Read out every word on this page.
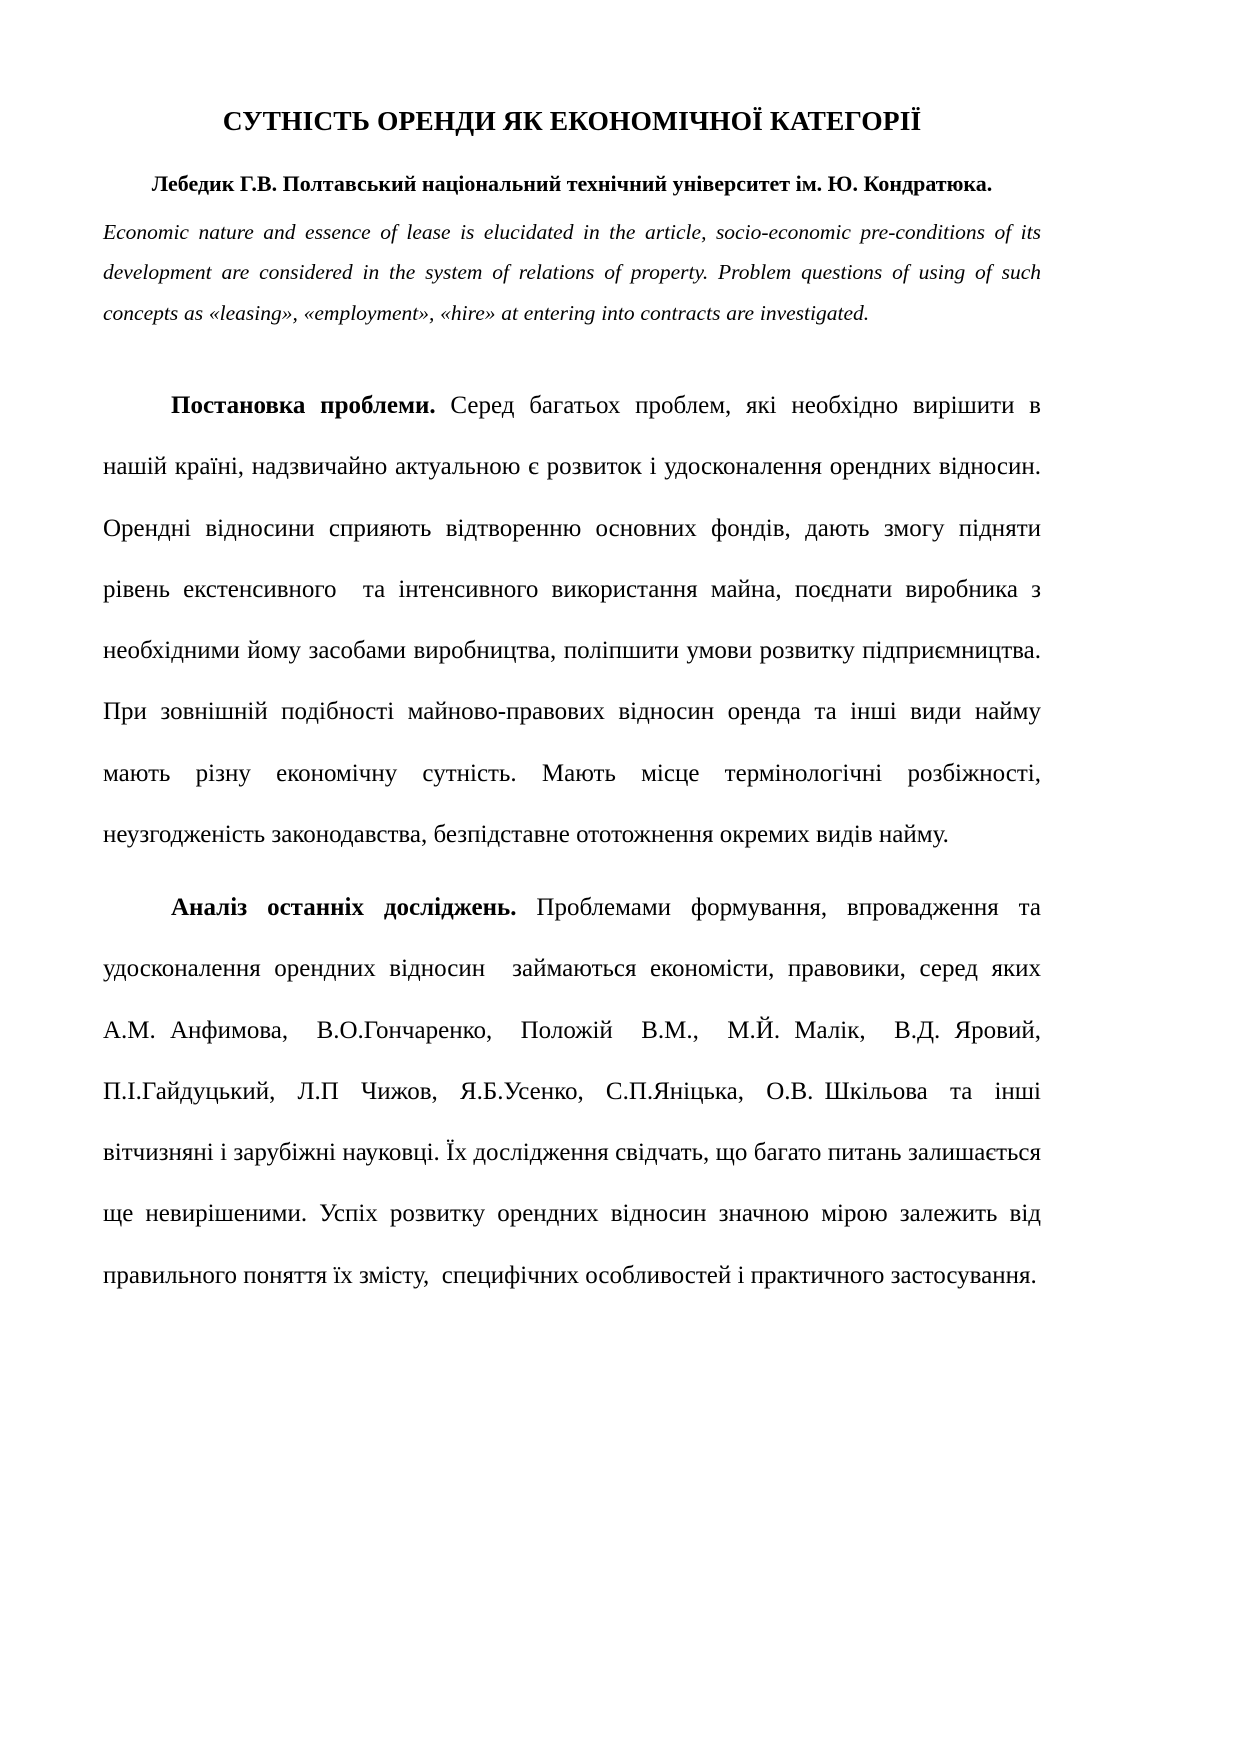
СУТНІСТЬ ОРЕНДИ ЯК ЕКОНОМІЧНОЇ КАТЕГОРІЇ

Лебедик Г.В. Полтавський національний технічний університет ім. Ю. Кондратюка.

Economic nature and essence of lease is elucidated in the article, socio-economic pre-conditions of its development are considered in the system of relations of property. Problem questions of using of such concepts as «leasing», «employment», «hire» at entering into contracts are investigated.

Постановка проблеми. Серед багатьох проблем, які необхідно вирішити в нашій країні, надзвичайно актуальною є розвиток і удосконалення орендних відносин. Орендні відносини сприяють відтворенню основних фондів, дають змогу підняти рівень екстенсивного  та інтенсивного використання майна, поєднати виробника з необхідними йому засобами виробництва, поліпшити умови розвитку підприємництва. При зовнішній подібності майново-правових відносин оренда та інші види найму мають різну економічну сутність. Мають місце термінологічні розбіжності, неузгодженість законодавства, безпідставне ототожнення окремих видів найму.

Аналіз останніх досліджень. Проблемами формування, впровадження та удосконалення орендних відносин  займаються економісти, правовики, серед яких А.М. Анфимова,  В.О.Гончаренко,  Положій  В.М.,  М.Й. Малік,  В.Д. Яровий, П.І.Гайдуцький,  Л.П  Чижов,  Я.Б.Усенко,  С.П.Яніцька,  О.В. Шкільова  та  інші вітчизняні і зарубіжні науковці. Їх дослідження свідчать, що багато питань залишається ще невирішеними. Успіх розвитку орендних відносин значною мірою залежить від правильного поняття їх змісту,  специфічних особливостей і практичного застосування.
